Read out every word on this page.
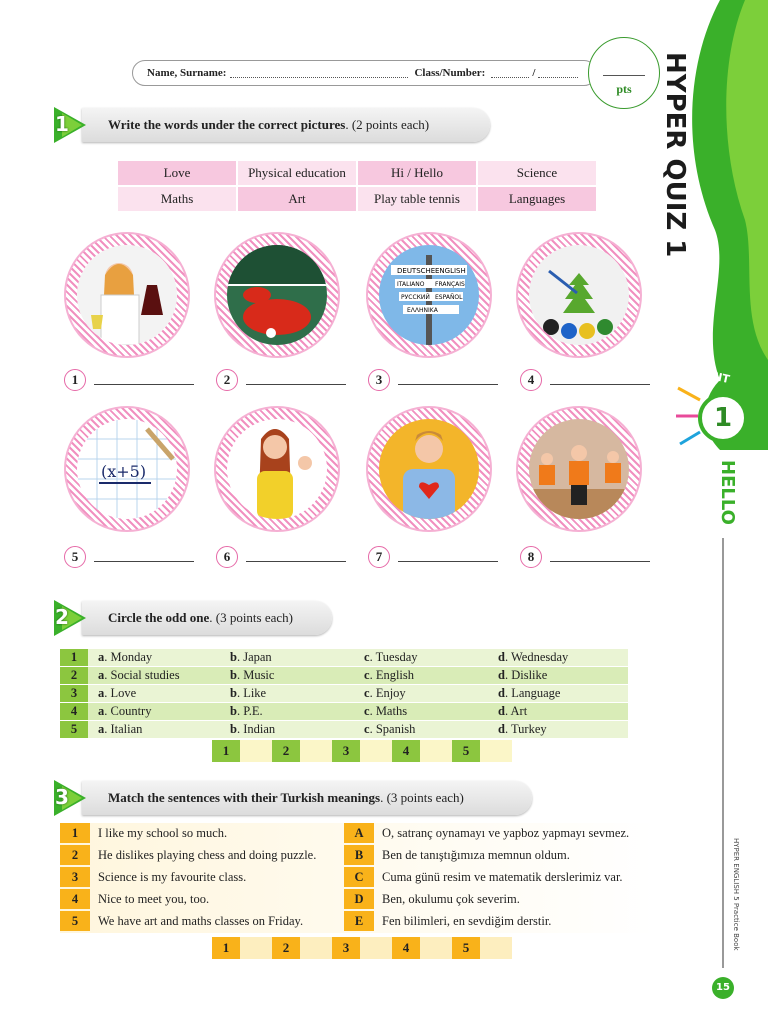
HYPER QUIZ 1
UNIT
1
HELLO
HYPER ENGLISH 5 Practice Book
15
Name, Surname:	Class/Number:	/
pts
Write the words under the correct pictures . (2 points each)
1
Love	Physical education	Hi / Hello	Science
Maths	Art	Play table tennis	Languages
DEUTSCHE ENGLISH
ITALIANO FRANÇAIS
РУССКИЙ ESPAÑOL
ΕΛΛΗΝΙΚΑ
1	2	3	4
(x+5)
5	6	7	8
Circle the odd one . (3 points each)
2
1	a. Monday	b. Japan	c. Tuesday	d. Wednesday
2	a. Social studies	b. Music	c. English	d. Dislike
3	a. Love	b. Like	c. Enjoy	d. Language
4	a. Country	b. P.E.	c. Maths	d. Art
5	a. Italian	b. Indian	c. Spanish	d. Turkey
1	2	3	4	5
Match the sentences with their Turkish meanings . (3 points each)
3
1	I like my school so much.
2	He dislikes playing chess and doing puzzle.
3	Science is my favourite class.
4	Nice to meet you, too.
5	We have art and maths classes on Friday.
A	O, satranç oynamayı ve yapboz yapmayı sevmez.
B	Ben de tanıştığımıza memnun oldum.
C	Cuma günü resim ve matematik derslerimiz var.
D	Ben, okulumu çok severim.
E	Fen bilimleri, en sevdiğim derstir.
1	2	3	4	5
